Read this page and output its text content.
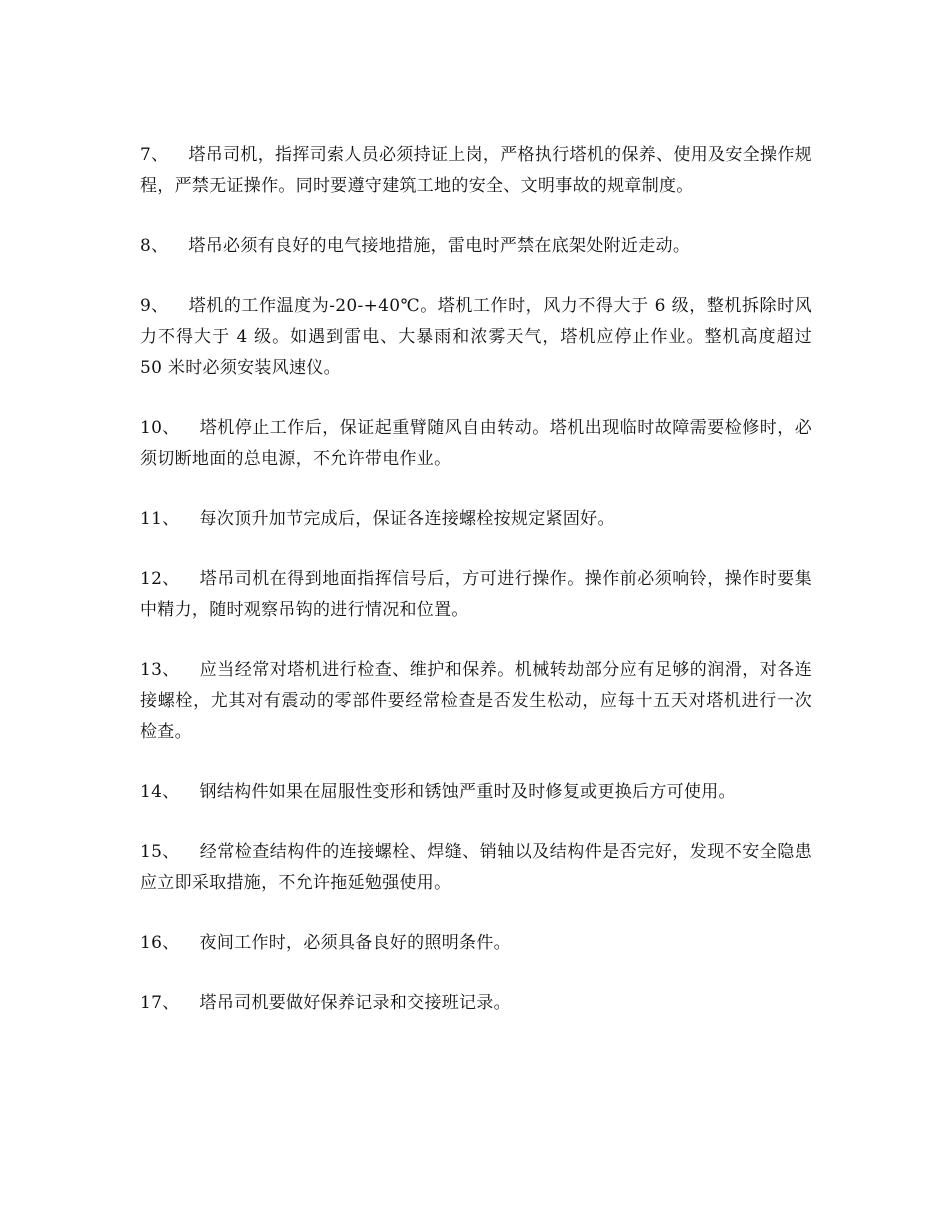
7、 塔吊司机，指挥司索人员必须持证上岗，严格执行塔机的保养、使用及安全操作规程，严禁无证操作。同时要遵守建筑工地的安全、文明事故的规章制度。

8、 塔吊必须有良好的电气接地措施，雷电时严禁在底架处附近走动。

9、 塔机的工作温度为-20-+40℃。塔机工作时，风力不得大于 6 级，整机拆除时风力不得大于 4 级。如遇到雷电、大暴雨和浓雾天气，塔机应停止作业。整机高度超过 50 米时必须安装风速仪。

10、 塔机停止工作后，保证起重臂随风自由转动。塔机出现临时故障需要检修时，必须切断地面的总电源，不允许带电作业。

11、 每次顶升加节完成后，保证各连接螺栓按规定紧固好。

12、 塔吊司机在得到地面指挥信号后，方可进行操作。操作前必须响铃，操作时要集中精力，随时观察吊钩的进行情况和位置。

13、 应当经常对塔机进行检查、维护和保养。机械转劫部分应有足够的润滑，对各连接螺栓，尤其对有震动的零部件要经常检查是否发生松动，应每十五天对塔机进行一次检查。

14、 钢结构件如果在屈服性变形和锈蚀严重时及时修复或更换后方可使用。

15、 经常检查结构件的连接螺栓、焊缝、销轴以及结构件是否完好，发现不安全隐患应立即采取措施，不允许拖延勉强使用。

16、 夜间工作时，必须具备良好的照明条件。

17、 塔吊司机要做好保养记录和交接班记录。
